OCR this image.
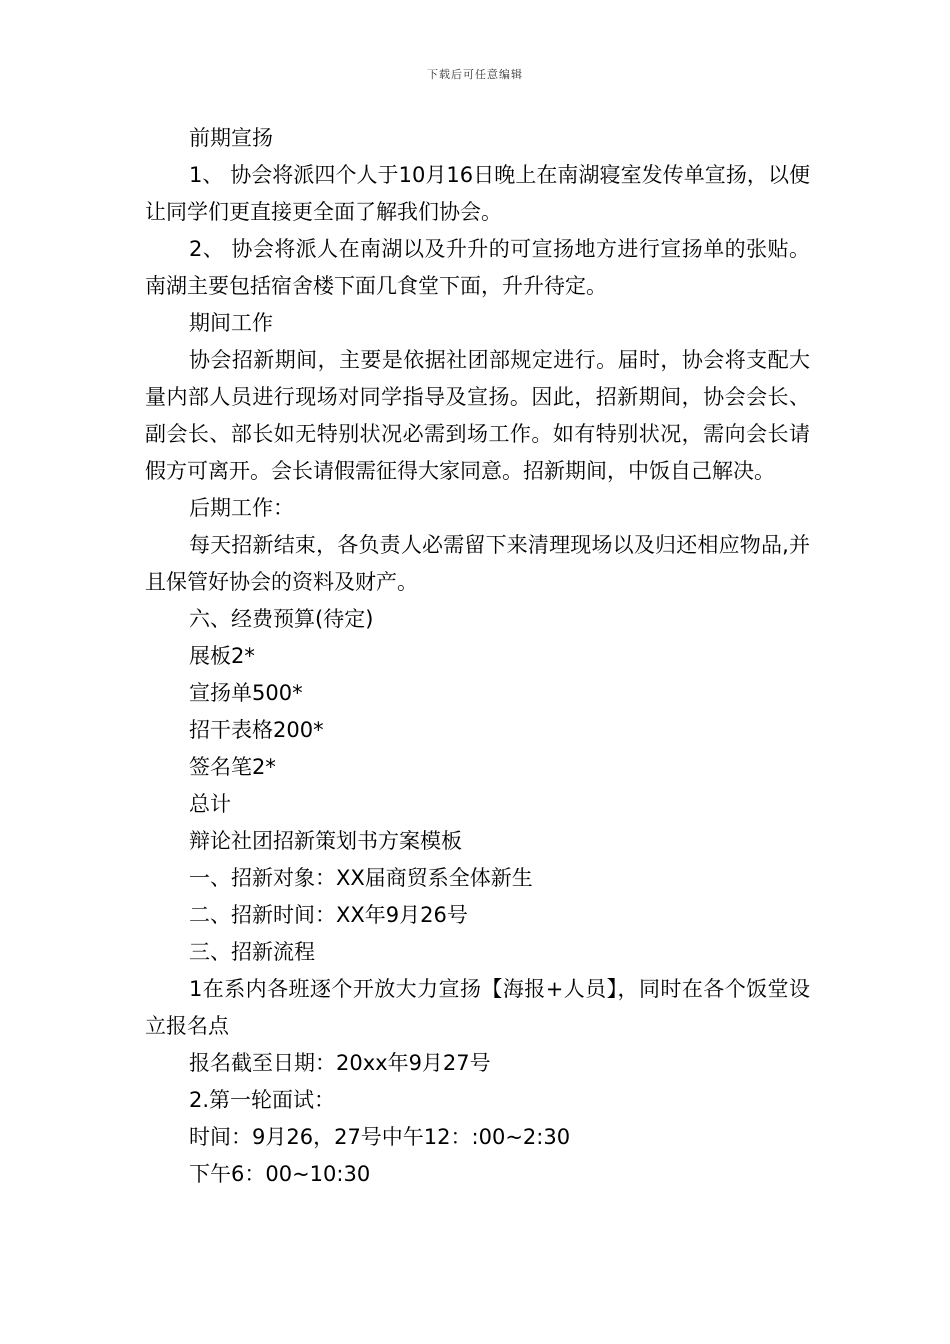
下载后可任意编辑

前期宣扬

1、 协会将派四个人于10月16日晚上在南湖寝室发传单宣扬，以便让同学们更直接更全面了解我们协会。

2、 协会将派人在南湖以及升升的可宣扬地方进行宣扬单的张贴。南湖主要包括宿舍楼下面几食堂下面，升升待定。

期间工作

协会招新期间，主要是依据社团部规定进行。届时，协会将支配大量内部人员进行现场对同学指导及宣扬。因此，招新期间，协会会长、副会长、部长如无特别状况必需到场工作。如有特别状况，需向会长请假方可离开。会长请假需征得大家同意。招新期间，中饭自己解决。

后期工作：

每天招新结束，各负责人必需留下来清理现场以及归还相应物品,并且保管好协会的资料及财产。

六、经费预算(待定)

展板2*

宣扬单500*

招干表格200*

签名笔2*

总计

辩论社团招新策划书方案模板

一、招新对象：XX届商贸系全体新生

二、招新时间：XX年9月26号

三、招新流程

1在系内各班逐个开放大力宣扬【海报+人员】，同时在各个饭堂设立报名点

报名截至日期：20xx年9月27号

2.第一轮面试：

时间：9月26，27号中午12：:00~2:30

下午6：00~10:30
